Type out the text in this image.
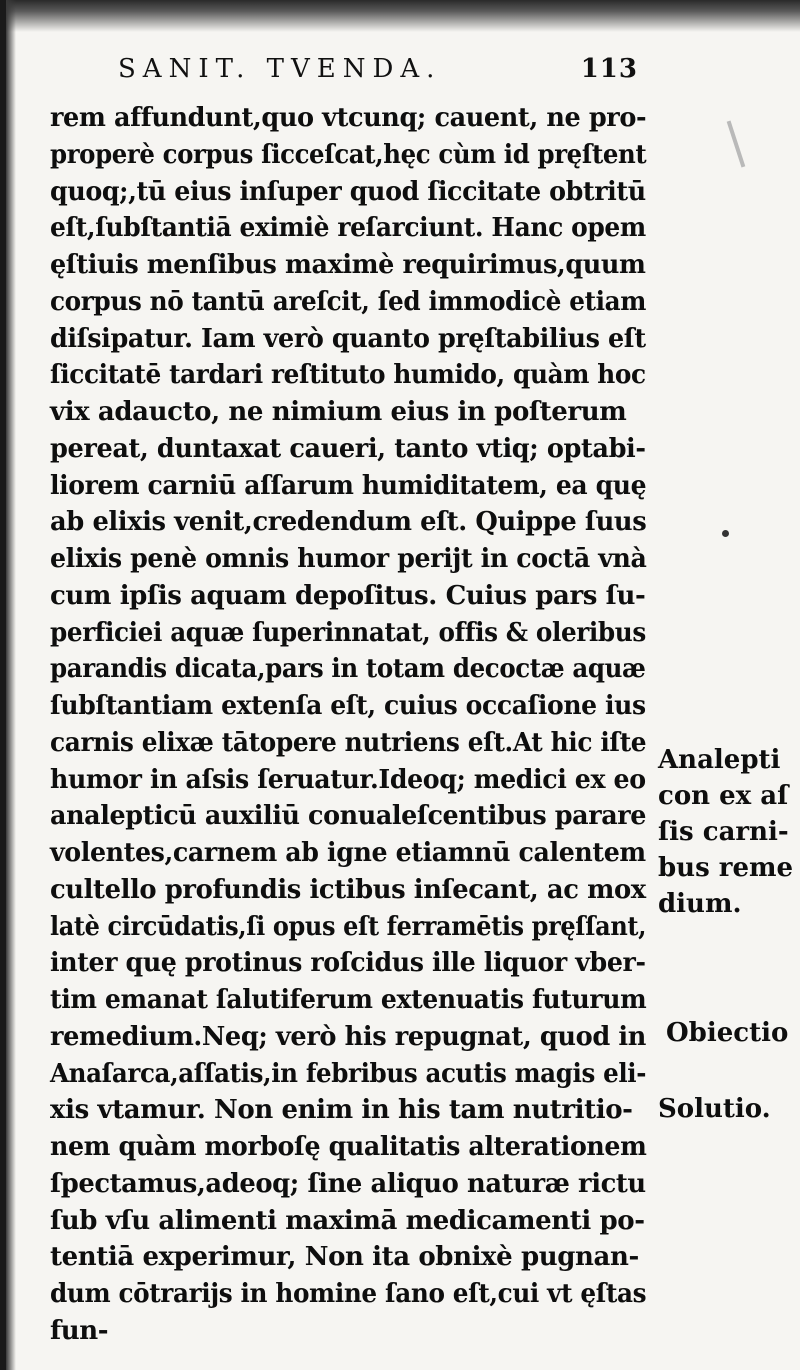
SANIT. TVENDA.	113
rem affundunt,quo vtcunq; cauent, ne pro-
properè corpus ſicceſcat,hęc cùm id pręſtent
quoq;,tū eius inſuper quod ſiccitate obtritū
eſt,ſubſtantiā eximiè reſarciunt. Hanc opem
ęſtiuis menſibus maximè requirimus,quum
corpus nō tantū areſcit, ſed immodicè etiam
diſsipatur. Iam verò quanto pręſtabilius eſt
ſiccitatē tardari reſtituto humido, quàm hoc
vix adaucto, ne nimium eius in poſterum
pereat, duntaxat caueri, tanto vtiq; optabi-
liorem carniū aſſarum humiditatem, ea quę
ab elixis venit,credendum eſt. Quippe ſuus
elixis penè omnis humor perijt in coctā vnà
cum ipſis aquam depoſitus. Cuius pars ſu-
perficiei aquæ ſuperinnatat, offis & oleribus
parandis dicata,pars in totam decoctæ aquæ
ſubſtantiam extenſa eſt, cuius occaſione ius
carnis elixæ tātopere nutriens eſt.At hic iſte
humor in aſsis ſeruatur.Ideoq; medici ex eo
analepticū auxiliū conualeſcentibus parare
volentes,carnem ab igne etiamnū calentem
cultello profundis ictibus inſecant, ac mox
latè circūdatis,ſi opus eſt ferramētis pręſſant,
inter quę protinus roſcidus ille liquor vber-
tim emanat ſalutiferum extenuatis futurum
remedium.Neq; verò his repugnat, quod in
Anaſarca,aſſatis,in febribus acutis magis eli-
xis vtamur. Non enim in his tam nutritio-
nem quàm morboſę qualitatis alterationem
ſpectamus,adeoq; ſine aliquo naturæ rictu
ſub vſu alimenti maximā medicamenti po-
tentiā experimur, Non ita obnixè pugnan-
dum cōtrarijs in homine ſano eſt,cui vt ęſtas
fun-
Analepti
con ex aſ
ſis carni-
bus reme
dium.
Obiectio
Solutio.
